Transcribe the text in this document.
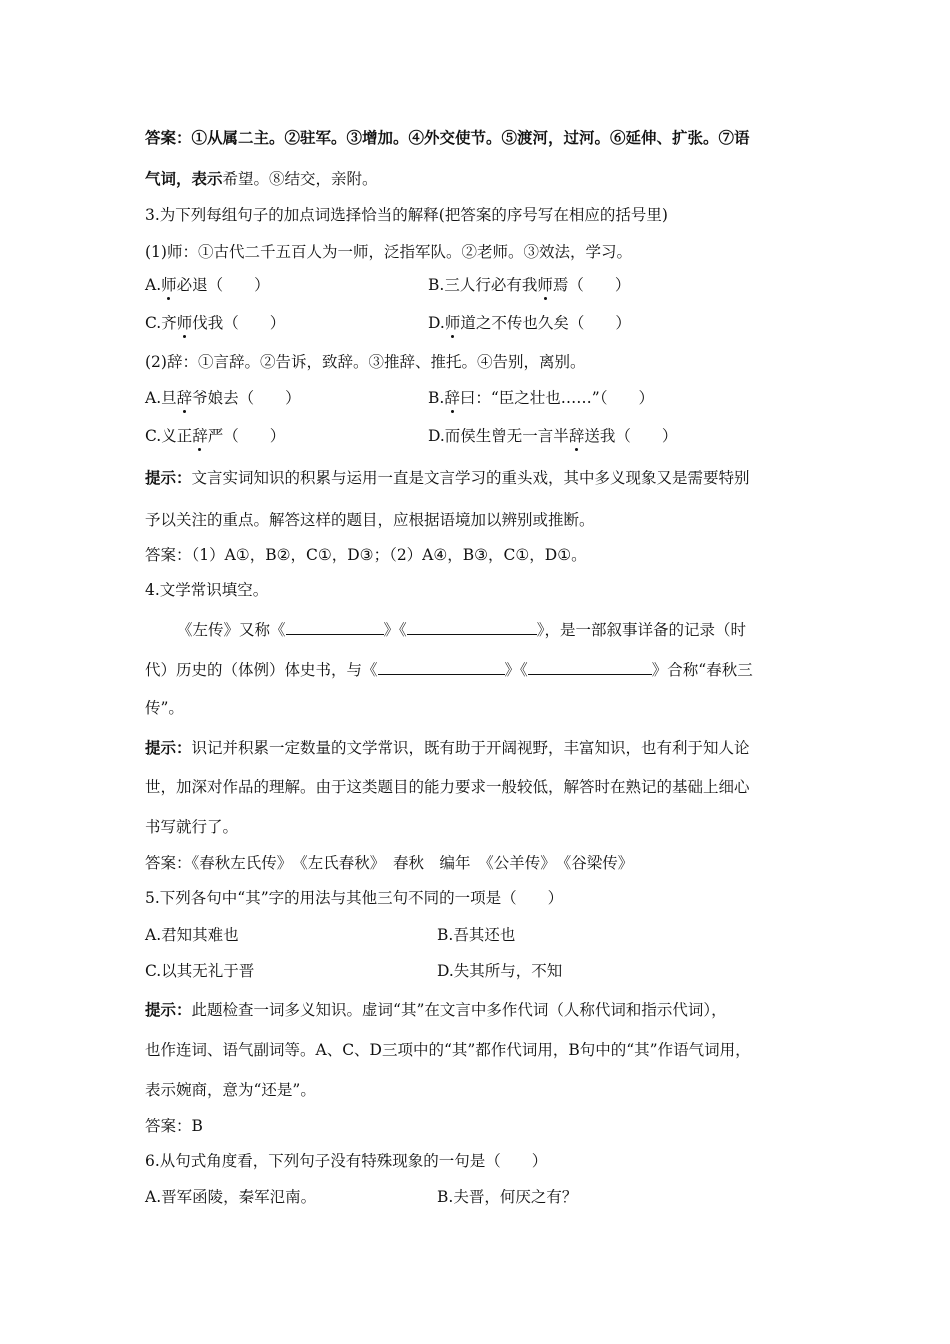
答案：①从属二主。②驻军。③增加。④外交使节。⑤渡河，过河。⑥延伸、扩张。⑦语
气词，表示希望。⑧结交，亲附。
3.为下列每组句子的加点词选择恰当的解释(把答案的序号写在相应的括号里)
(1)师：①古代二千五百人为一师，泛指军队。②老师。③效法，学习。
A.师必退（　　）	B.三人行必有我师焉（　　）
C.齐师伐我（　　）	D.师道之不传也久矣（　　）
(2)辞：①言辞。②告诉，致辞。③推辞、推托。④告别，离别。
A.旦辞爷娘去（　　）	B.辞曰：“臣之壮也……”（　　）
C.义正辞严（　　）	D.而侯生曾无一言半辞送我（　　）
提示：文言实词知识的积累与运用一直是文言学习的重头戏，其中多义现象又是需要特别
予以关注的重点。解答这样的题目，应根据语境加以辨别或推断。
答案：（1）A①，B②，C①，D③；（2）A④，B③，C①，D①。
4.文学常识填空。
《左传》又称《	》《	》，是一部叙事详备的记录（时
代）历史的（体例）体史书，与《	》《	》合称“春秋三
传”。
提示：识记并积累一定数量的文学常识，既有助于开阔视野，丰富知识，也有利于知人论
世，加深对作品的理解。由于这类题目的能力要求一般较低，解答时在熟记的基础上细心
书写就行了。
答案：《春秋左氏传》　《左氏春秋》　春秋　编年　《公羊传》　《谷梁传》
5.下列各句中“其”字的用法与其他三句不同的一项是（　　）
A.君知其难也	B.吾其还也
C.以其无礼于晋	D.失其所与，不知
提示：此题检查一词多义知识。虚词“其”在文言中多作代词（人称代词和指示代词），
也作连词、语气副词等。A、C、D三项中的“其”都作代词用，B句中的“其”作语气词用，
表示婉商，意为“还是”。
答案：B
6.从句式角度看，下列句子没有特殊现象的一句是（　　）
A.晋军函陵，秦军氾南。	B.夫晋，何厌之有？
